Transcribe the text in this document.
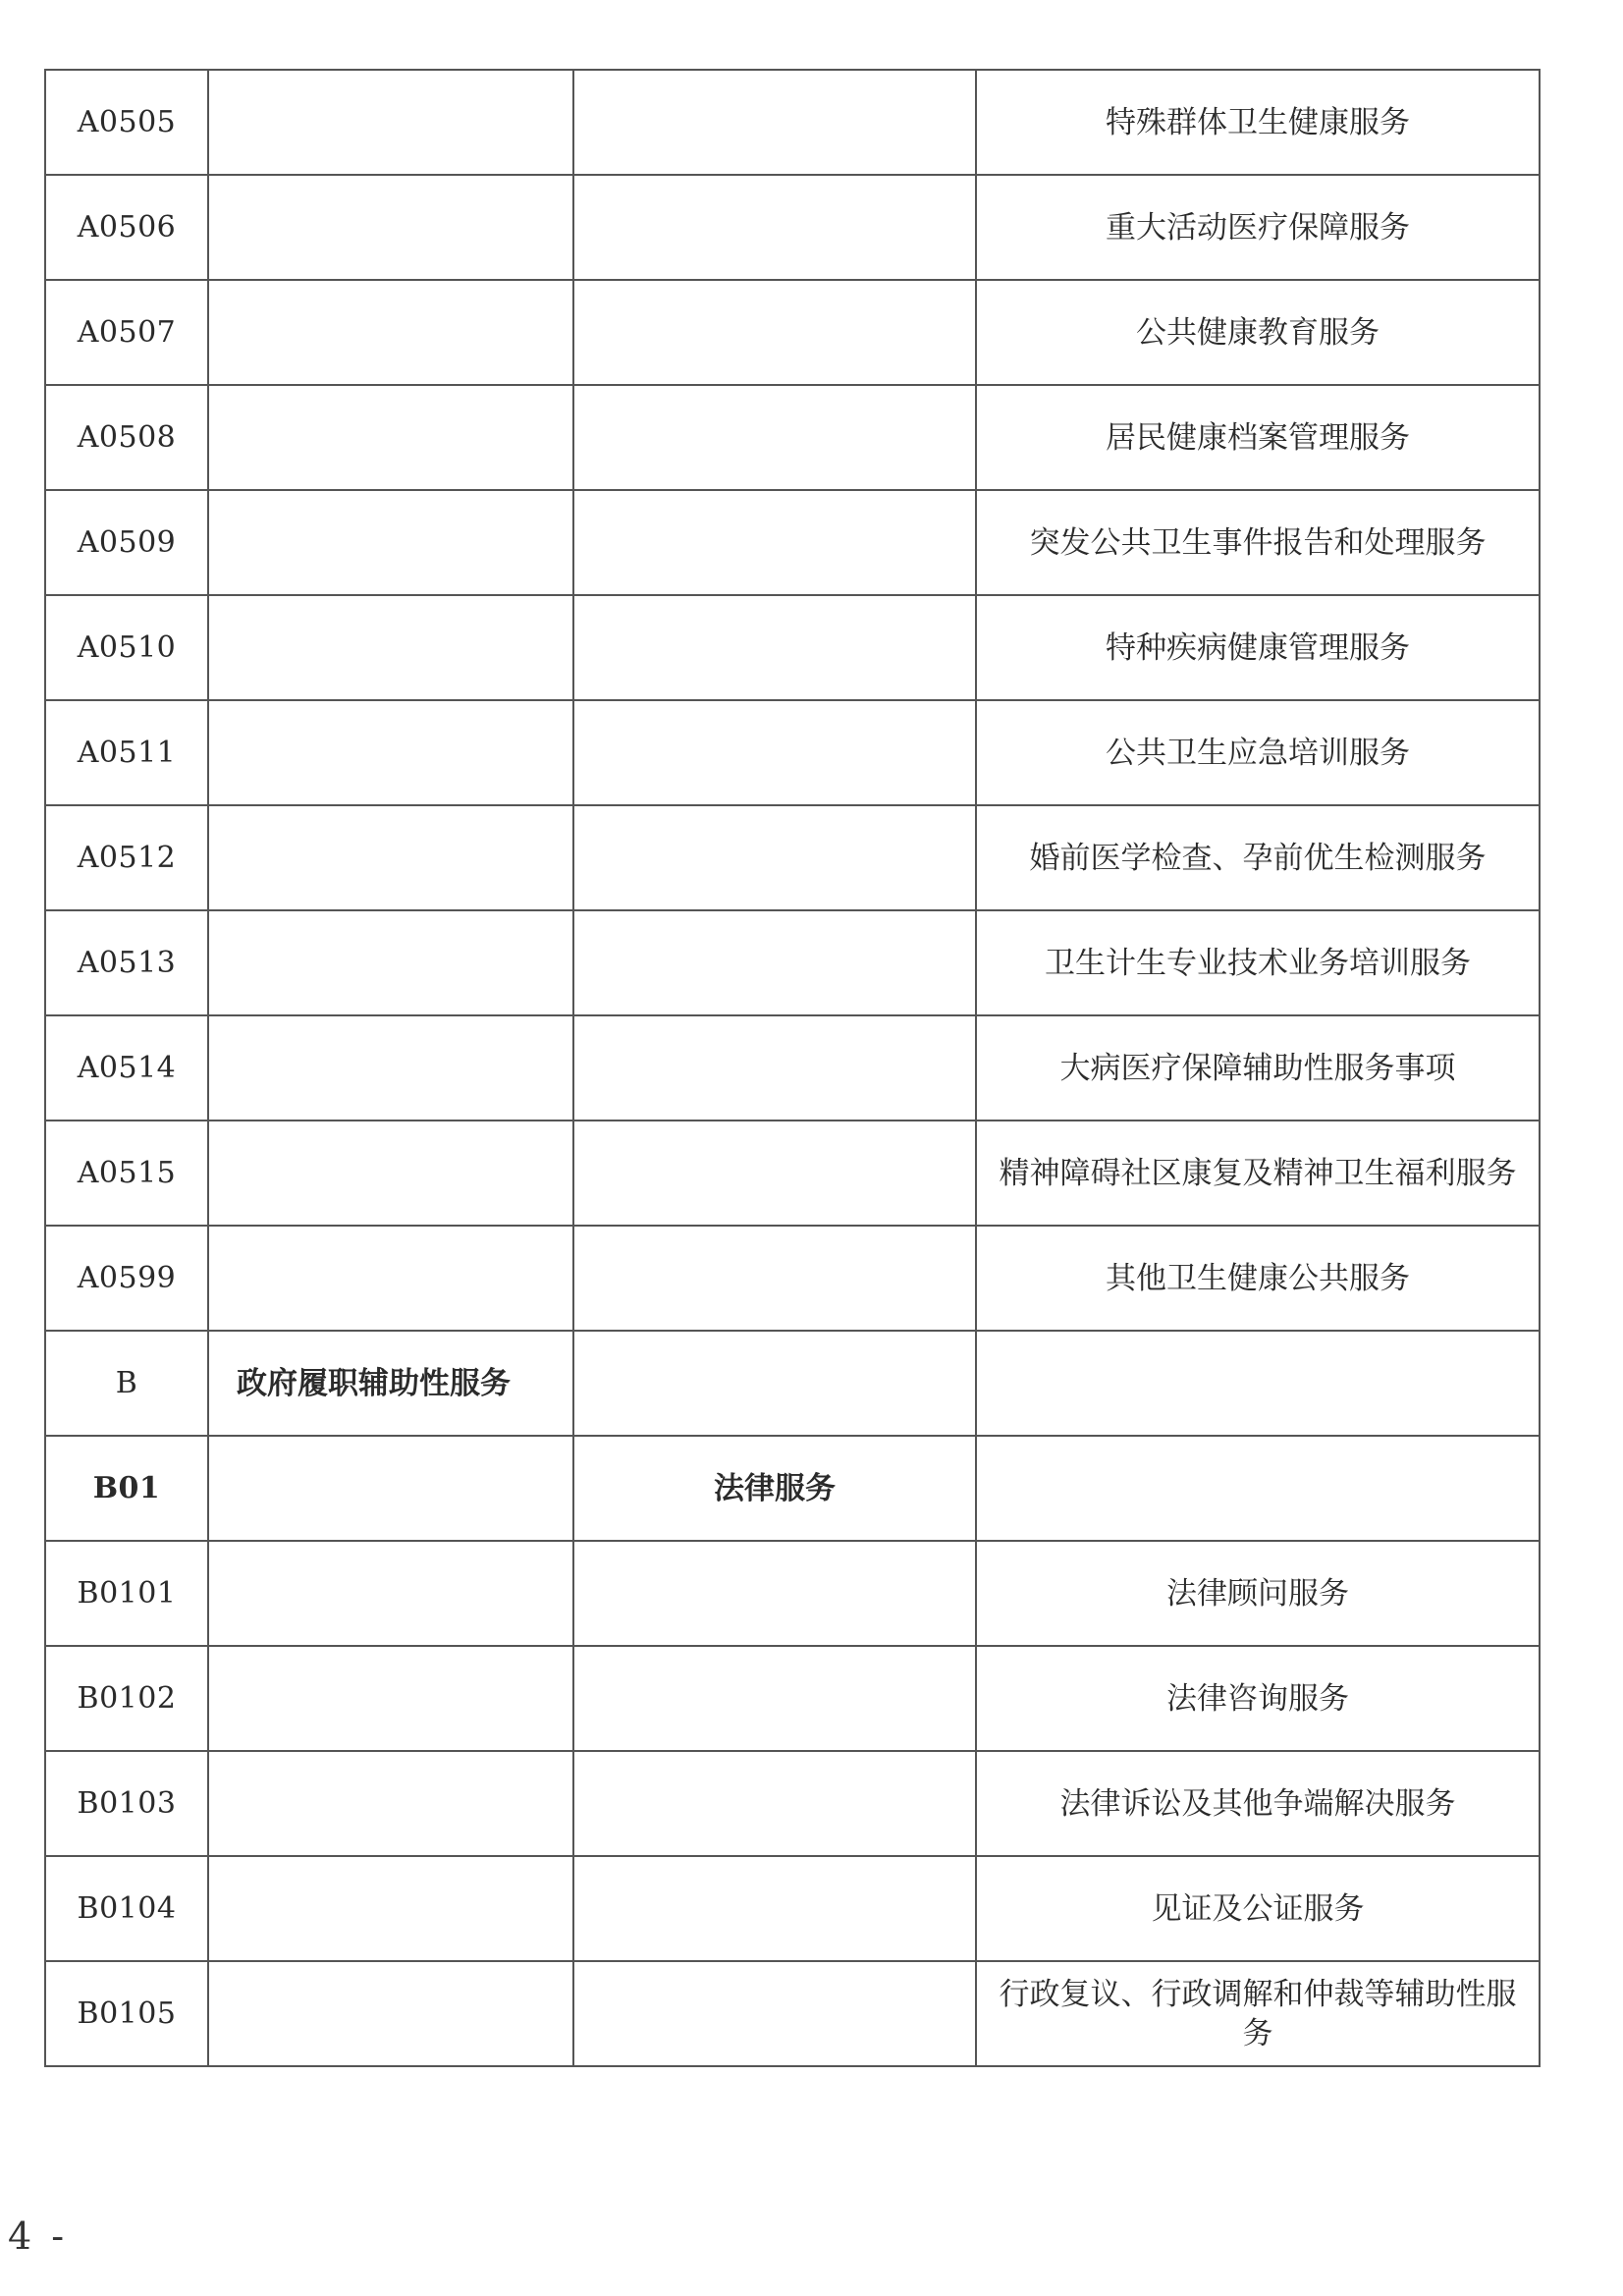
A0505			特殊群体卫生健康服务
A0506			重大活动医疗保障服务
A0507			公共健康教育服务
A0508			居民健康档案管理服务
A0509			突发公共卫生事件报告和处理服务
A0510			特种疾病健康管理服务
A0511			公共卫生应急培训服务
A0512			婚前医学检查、孕前优生检测服务
A0513			卫生计生专业技术业务培训服务
A0514			大病医疗保障辅助性服务事项
A0515			精神障碍社区康复及精神卫生福利服务
A0599			其他卫生健康公共服务
B	政府履职辅助性服务		
B01		法律服务	
B0101			法律顾问服务
B0102			法律咨询服务
B0103			法律诉讼及其他争端解决服务
B0104			见证及公证服务
B0105			行政复议、行政调解和仲裁等辅助性服务
4 -
